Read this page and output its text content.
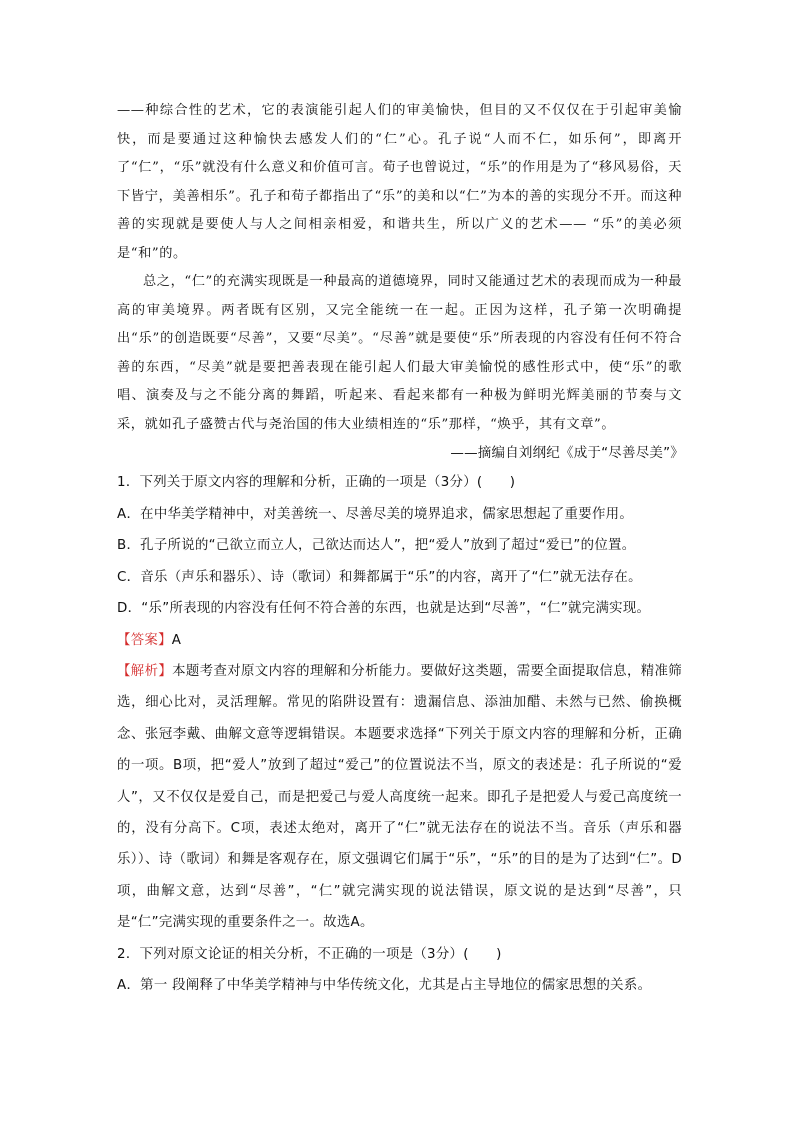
——种综合性的艺术，它的表演能引起人们的审美愉快，但目的又不仅仅在于引起审美愉快，而是要通过这种愉快去感发人们的“仁”心。孔子说“人而不仁，如乐何”，即离开了“仁”，“乐”就没有什么意义和价值可言。荀子也曾说过，“乐”的作用是为了“移风易俗，天下皆宁，美善相乐”。孔子和荀子都指出了“乐”的美和以“仁”为本的善的实现分不开。而这种善的实现就是要使人与人之间相亲相爱，和谐共生，所以广义的艺术—— “乐”的美必须是“和”的。

总之，“仁”的充满实现既是一种最高的道德境界，同时又能通过艺术的表现而成为一种最高的审美境界。两者既有区别，又完全能统一在一起。正因为这样，孔子第一次明确提出“乐”的创造既要“尽善”，又要“尽美”。“尽善”就是要使“乐”所表现的内容没有任何不符合善的东西，“尽美”就是要把善表现在能引起人们最大审美愉悦的感性形式中，使“乐”的歌唱、演奏及与之不能分离的舞蹈，听起来、看起来都有一种极为鲜明光辉美丽的节奏与文采，就如孔子盛赞古代与尧治国的伟大业绩相连的“乐”那样，“焕乎，其有文章”。

——摘编自刘纲纪《成于“尽善尽美”》

1．下列关于原文内容的理解和分析，正确的一项是（3分）(　　)

A．在中华美学精神中，对美善统一、尽善尽美的境界追求，儒家思想起了重要作用。

B．孔子所说的“己欲立而立人，己欲达而达人”，把“爱人”放到了超过“爱已”的位置。

C．音乐（声乐和器乐）、诗（歌词）和舞都属于“乐”的内容，离开了“仁”就无法存在。

D．“乐”所表现的内容没有任何不符合善的东西，也就是达到“尽善”，“仁”就完满实现。

【答案】A

【解析】本题考查对原文内容的理解和分析能力。要做好这类题，需要全面提取信息，精准筛选，细心比对，灵活理解。常见的陷阱设置有：遗漏信息、添油加醋、未然与已然、偷换概念、张冠李戴、曲解文意等逻辑错误。本题要求选择“下列关于原文内容的理解和分析，正确的一项。B项，把“爱人”放到了超过“爱己”的位置说法不当，原文的表述是：孔子所说的“爱人”，又不仅仅是爱自己，而是把爱己与爱人高度统一起来。即孔子是把爱人与爱己高度统一的，没有分高下。C项，表述太绝对，离开了“仁”就无法存在的说法不当。音乐（声乐和器乐））、诗（歌词）和舞是客观存在，原文强调它们属于“乐”，“乐”的目的是为了达到“仁”。D项，曲解文意，达到“尽善”，“仁”就完满实现的说法错误，原文说的是达到“尽善”，只是“仁”完满实现的重要条件之一。故选A。

2．下列对原文论证的相关分析，不正确的一项是（3分）(　　)

A．第一 段阐释了中华美学精神与中华传统文化，尤其是占主导地位的儒家思想的关系。
